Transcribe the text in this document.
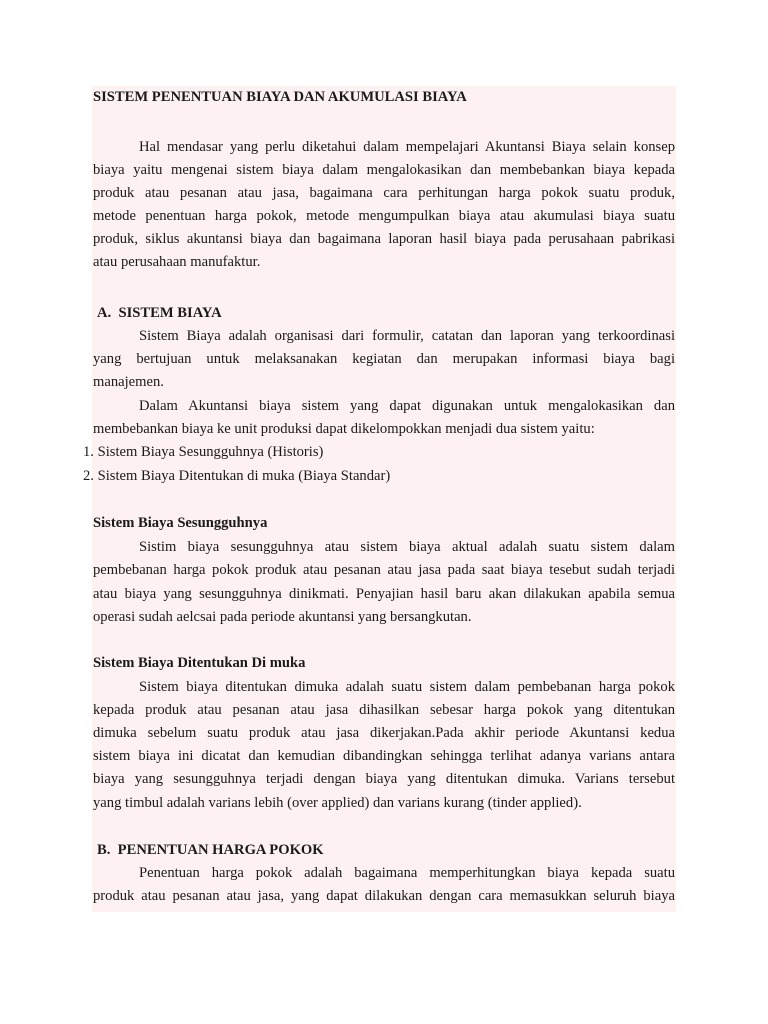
SISTEM PENENTUAN BIAYA DAN AKUMULASI BIAYA
Hal mendasar yang perlu diketahui dalam mempelajari Akuntansi Biaya selain konsep
biaya yaitu mengenai sistem biaya dalam mengalokasikan dan membebankan biaya kepada
produk atau pesanan atau jasa, bagaimana cara perhitungan harga pokok suatu produk,
metode penentuan harga pokok, metode mengumpulkan biaya atau akumulasi biaya suatu
produk, siklus akuntansi biaya dan bagaimana laporan hasil biaya pada perusahaan pabrikasi
atau perusahaan manufaktur.
A.  SISTEM BIAYA
Sistem Biaya adalah organisasi dari formulir, catatan dan laporan yang terkoordinasi
yang bertujuan untuk melaksanakan kegiatan dan merupakan informasi biaya bagi
manajemen.
Dalam Akuntansi biaya sistem yang dapat digunakan untuk mengalokasikan dan
membebankan biaya ke unit produksi dapat dikelompokkan menjadi dua sistem yaitu:
1. Sistem Biaya Sesungguhnya (Historis)
2. Sistem Biaya Ditentukan di muka (Biaya Standar)
Sistem Biaya Sesungguhnya
Sistim biaya sesungguhnya atau sistem biaya aktual adalah suatu sistem dalam
pembebanan harga pokok produk atau pesanan atau jasa pada saat biaya tesebut sudah terjadi
atau biaya yang sesungguhnya dinikmati. Penyajian hasil baru akan dilakukan apabila semua
operasi sudah aelcsai pada periode akuntansi yang bersangkutan.
Sistem Biaya Ditentukan Di muka
Sistem biaya ditentukan dimuka adalah suatu sistem dalam pembebanan harga pokok
kepada produk atau pesanan atau jasa dihasilkan sebesar harga pokok yang ditentukan
dimuka sebelum suatu produk atau jasa dikerjakan.Pada akhir periode Akuntansi kedua
sistem biaya ini dicatat dan kemudian dibandingkan sehingga terlihat adanya varians antara
biaya yang sesungguhnya terjadi dengan biaya yang ditentukan dimuka. Varians tersebut
yang timbul adalah varians lebih (over applied) dan varians kurang (tinder applied).
B.  PENENTUAN HARGA POKOK
Penentuan harga pokok adalah bagaimana memperhitungkan biaya kepada suatu
produk atau pesanan atau jasa, yang dapat dilakukan dengan cara memasukkan seluruh biaya
